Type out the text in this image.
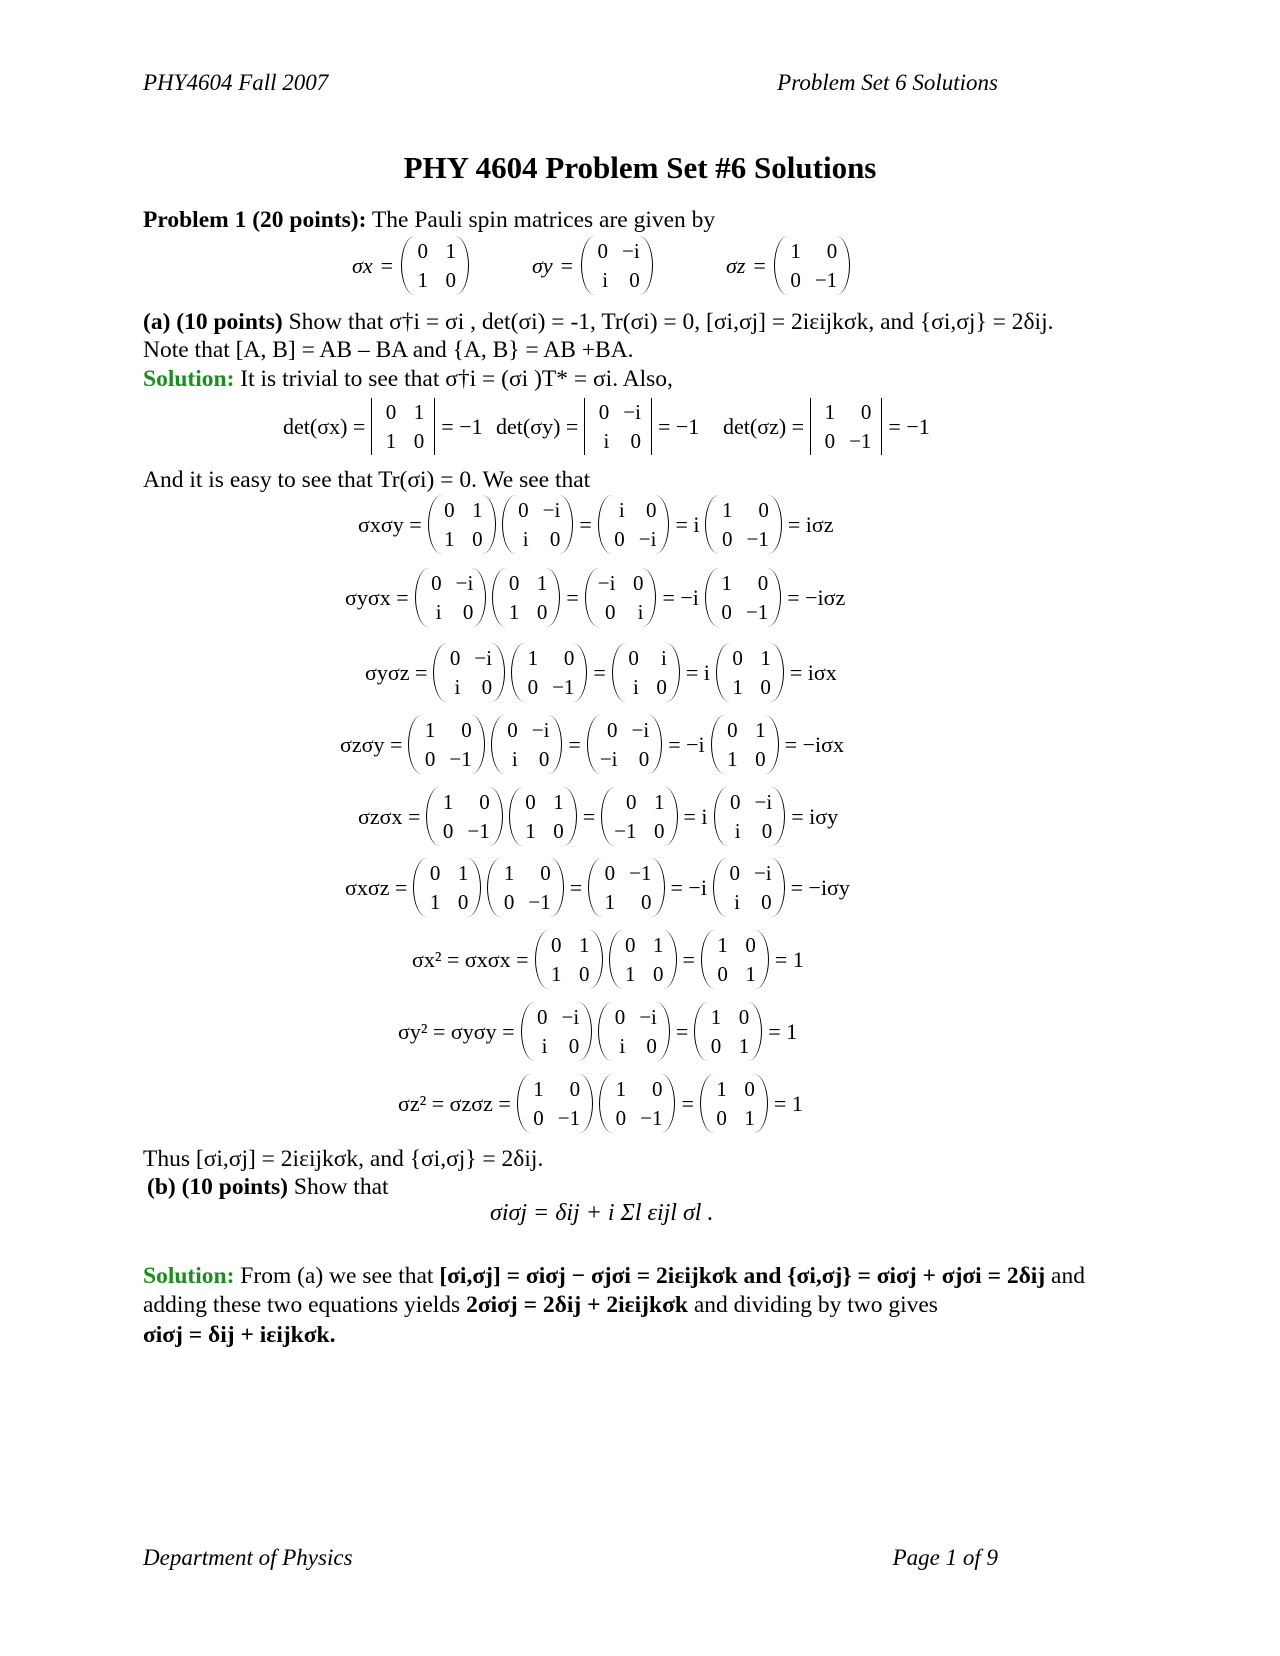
PHY4604 Fall 2007	Problem Set 6 Solutions
PHY 4604 Problem Set #6 Solutions
Problem 1 (20 points): The Pauli spin matrices are given by
σx =
0 1
1 0
σy =
0 −i
i	0
σz =
1	0
0 −1
(a) (10 points) Show that σ†i = σi , det(σi) = -1, Tr(σi) = 0, [σi,σj] = 2iεijkσk, and {σi,σj} = 2δij.
Note that [A, B] = AB – BA and {A, B} = AB +BA.
Solution: It is trivial to see that σ†i = (σi )T* = σi. Also,
det(σx) =
0 1
1 0
= −1 det(σy) =
0 −i
i	0
= −1 det(σz) =
1	0
0 −1
= −1
And it is easy to see that Tr(σi) = 0. We see that
σxσy =
0 1
1 0
0 −i
i	0
=
i	0
0 −i
= i
1	0
0 −1
= iσz
σyσx =
0 −i
i	0
0 1
1 0
=
−i 0
0	i
= −i
1	0
0 −1
= −iσz
σyσz =
0 −i
i	0
1	0
0 −1
=
0	i
i 0
= i
0 1
1 0
= iσx
σzσy =
1	0
0 −1
0 −i
i	0
=
0 −i
−i	0
= −i
0 1
1 0
= −iσx
σzσx =
1	0
0 −1
0 1
1 0
=
0 1
−1 0
= i
0 −i
i	0
= iσy
σxσz =
0 1
1 0
1	0
0 −1
=
0 −1
1	0
= −i
0 −i
i	0
= −iσy
σx² = σxσx =
0 1
1 0
0 1
1 0
=
1 0
0 1
= 1
σy² = σyσy =
0 −i
i	0
0 −i
i	0
=
1 0
0 1
= 1
σz² = σzσz =
1	0
0 −1
1	0
0 −1
=
1 0
0 1
= 1
Thus [σi,σj] = 2iεijkσk, and {σi,σj} = 2δij.
(b) (10 points) Show that
σiσj = δij + i Σl εijl σl .
Solution: From (a) we see that [σi,σj] = σiσj − σjσi = 2iεijkσk and {σi,σj} = σiσj + σjσi = 2δij and
adding these two equations yields 2σiσj = 2δij + 2iεijkσk and dividing by two gives
σiσj = δij + iεijkσk.
Department of Physics	Page 1 of 9
